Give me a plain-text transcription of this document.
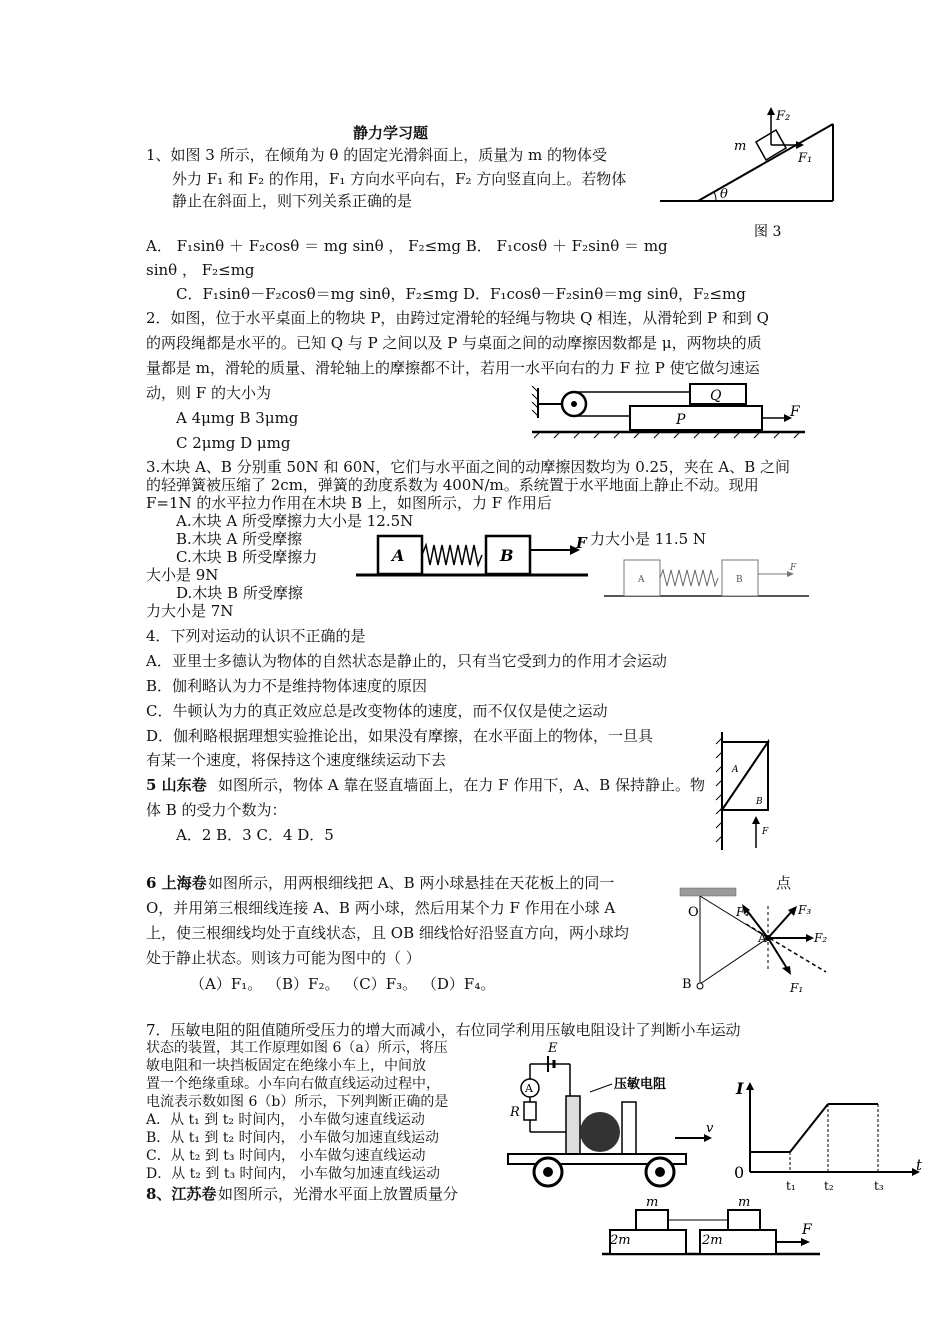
静力学习题
1、如图 3 所示，在倾角为 θ 的固定光滑斜面上，质量为 m 的物体受
外力 F₁ 和 F₂ 的作用，F₁ 方向水平向右，F₂ 方向竖直向上。若物体
静止在斜面上，则下列关系正确的是
A． F₁sinθ ＋ F₂cosθ ＝ mg sinθ ， F₂≤mg B． F₁cosθ ＋ F₂sinθ ＝ mg
sinθ ， F₂≤mg
C．F₁sinθ－F₂cosθ＝mg sinθ，F₂≤mg D．F₁cosθ－F₂sinθ＝mg sinθ，F₂≤mg
F₂
m
F₁
θ
图 3
2．如图，位于水平桌面上的物块 P，由跨过定滑轮的轻绳与物块 Q 相连，从滑轮到 P 和到 Q
的两段绳都是水平的。已知 Q 与 P 之间以及 P 与桌面之间的动摩擦因数都是 μ，两物块的质
量都是 m，滑轮的质量、滑轮轴上的摩擦都不计，若用一水平向右的力 F 拉 P 使它做匀速运
动，则 F 的大小为
A 4μmg B 3μmg
C 2μmg D μmg
Q
P	F
3.木块 A、B 分别重 50N 和 60N，它们与水平面之间的动摩擦因数均为 0.25，夹在 A、B 之间
的轻弹簧被压缩了 2cm，弹簧的劲度系数为 400N/m。系统置于水平地面上静止不动。现用
F=1N 的水平拉力作用在木块 B 上，如图所示，力 F 作用后
A.木块 A 所受摩擦力大小是 12.5N
B.木块 A 所受摩擦	力大小是 11.5 N
C.木块 B 所受摩擦力
大小是 9N
D.木块 B 所受摩擦
力大小是 7N
A	B
F
A	B
F
4．下列对运动的认识不正确的是
A．亚里士多德认为物体的自然状态是静止的，只有当它受到力的作用才会运动
B．伽利略认为力不是维持物体速度的原因
C．牛顿认为力的真正效应总是改变物体的速度，而不仅仅是使之运动
D．伽利略根据理想实验推论出，如果没有摩擦，在水平面上的物体，一旦具
有某一个速度，将保持这个速度继续运动下去
5 山东卷 如图所示，物体 A 靠在竖直墙面上，在力 F 作用下，A、B 保持静止。物
体 B 的受力个数为：
A．2 B．3 C．4 D．5
A
B
F
6 上海卷 如图所示，用两根细线把 A、B 两小球悬挂在天花板上的同一	点
O，并用第三根细线连接 A、B 两小球，然后用某个力 F 作用在小球 A
上，使三根细线均处于直线状态，且 OB 细线恰好沿竖直方向，两小球均
处于静止状态。则该力可能为图中的（ ）
（A）F₁。 （B）F₂。 （C）F₃。 （D）F₄。
O
A
B	F₁
F₂
F₃
F₄
7．压敏电阻的阻值随所受压力的增大而减小，右位同学利用压敏电阻设计了判断小车运动
状态的装置，其工作原理如图 6（a）所示，将压
敏电阻和一块挡板固定在绝缘小车上，中间放
置一个绝缘重球。小车向右做直线运动过程中，
电流表示数如图 6（b）所示，下列判断正确的是
A．从 t₁ 到 t₂ 时间内， 小车做匀速直线运动
B．从 t₁ 到 t₂ 时间内， 小车做匀加速直线运动
C．从 t₂ 到 t₃ 时间内， 小车做匀速直线运动
D．从 t₂ 到 t₃ 时间内， 小车做匀加速直线运动
E
A
R
压敏电阻
v
I
0	t
t₁ t₂	t₃
8、江苏卷 如图所示，光滑水平面上放置质量分	m	m
2m	2m
F
